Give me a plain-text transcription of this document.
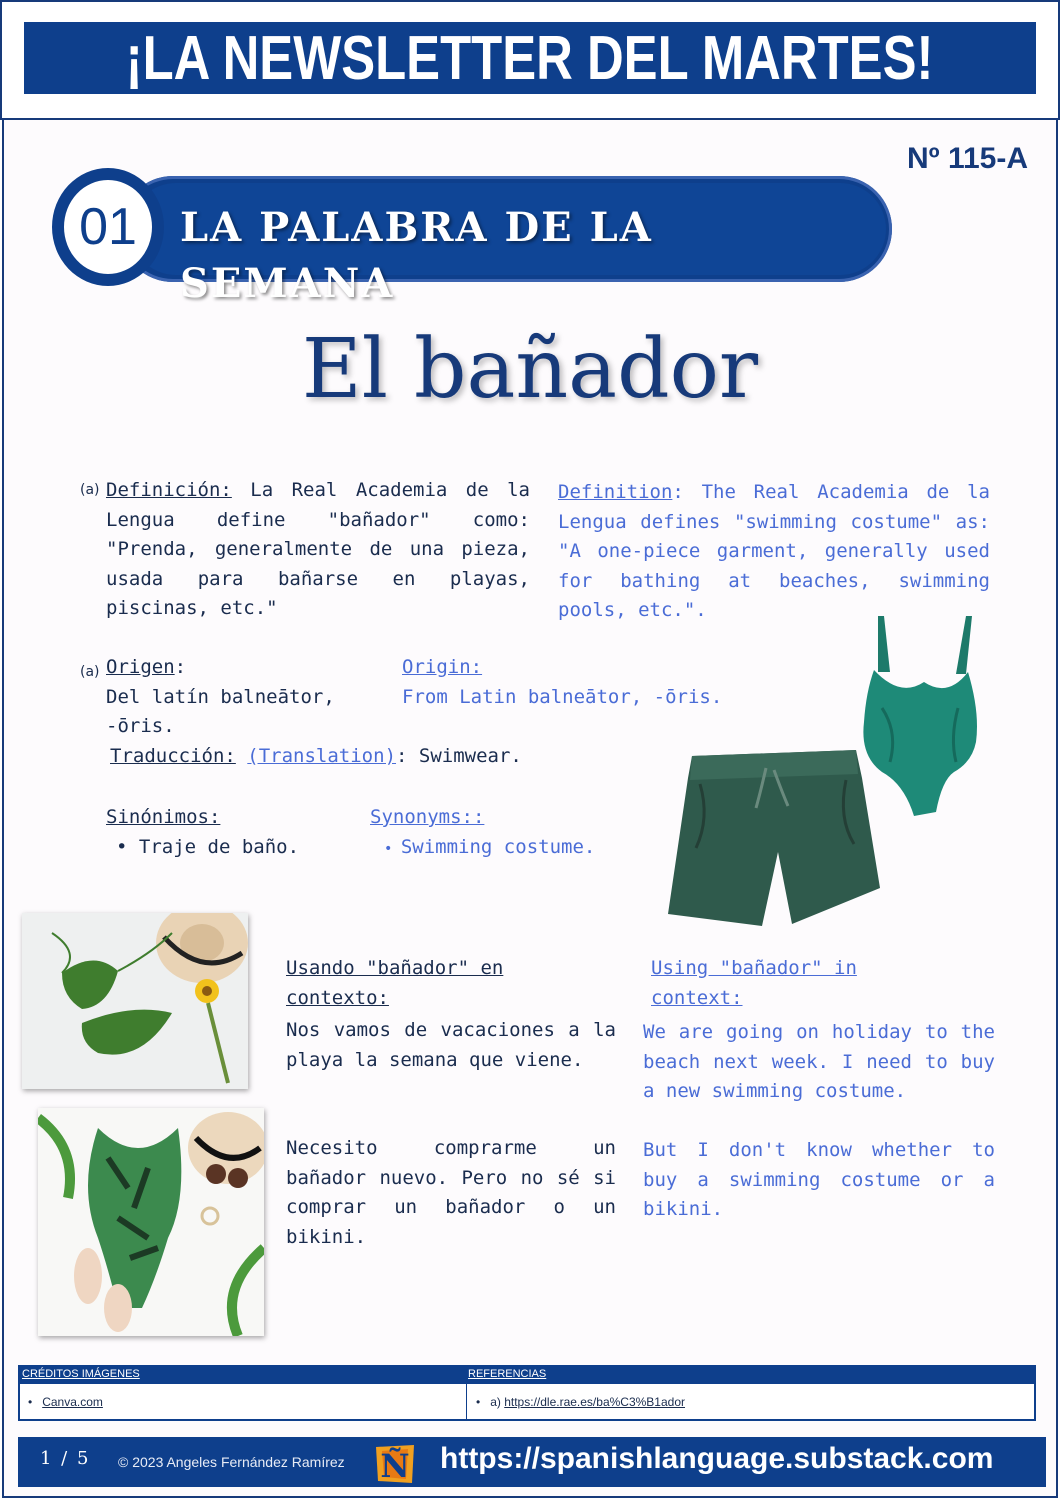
¡LA NEWSLETTER DEL MARTES!
Nº 115-A
01	LA PALABRA DE LA SEMANA
El bañador
(a) Definición: La Real Academia de la Lengua define "bañador" como: "Prenda, generalmente de una pieza, usada para bañarse en playas, piscinas, etc."
Definition: The Real Academia de la Lengua defines "swimming costume" as: "A one-piece garment, generally used for bathing at beaches, swimming pools, etc.".
(a) Origen:
Del latín balneātor, -ōris.
Origin:
From Latin balneātor, -ōris.
Traducción: (Translation): Swimwear.
Sinónimos:
• Traje de baño.
Synonyms::
• Swimming costume.
Usando "bañador" en
contexto:
Nos vamos de vacaciones a la playa la semana que viene.
Necesito comprarme un bañador nuevo. Pero no sé si comprar un bañador o un bikini.
Using "bañador" in
context:
We are going on holiday to the beach next week. I need to buy a new swimming costume.
But I don't know whether to buy a swimming costume or a bikini.
CRÉDITOS IMÁGENES	REFERENCIAS
•   Canva.com	•   a) https://dle.rae.es/ba%C3%B1ador
1 / 5 © 2023 Angeles Fernández Ramírez Ñ https://spanishlanguage.substack.com
